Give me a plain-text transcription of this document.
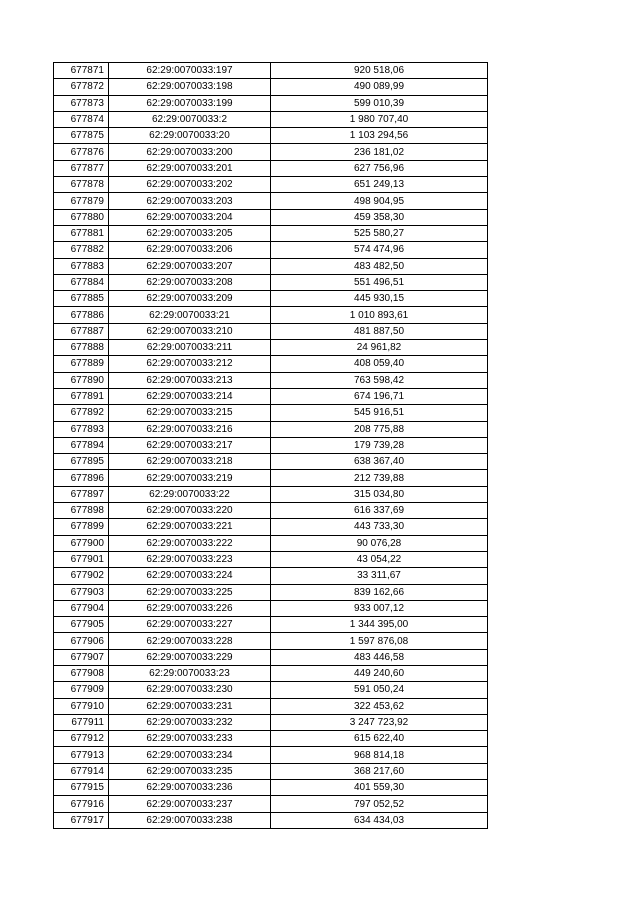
677871	62:29:0070033:197	920 518,06
677872	62:29:0070033:198	490 089,99
677873	62:29:0070033:199	599 010,39
677874	62:29:0070033:2	1 980 707,40
677875	62:29:0070033:20	1 103 294,56
677876	62:29:0070033:200	236 181,02
677877	62:29:0070033:201	627 756,96
677878	62:29:0070033:202	651 249,13
677879	62:29:0070033:203	498 904,95
677880	62:29:0070033:204	459 358,30
677881	62:29:0070033:205	525 580,27
677882	62:29:0070033:206	574 474,96
677883	62:29:0070033:207	483 482,50
677884	62:29:0070033:208	551 496,51
677885	62:29:0070033:209	445 930,15
677886	62:29:0070033:21	1 010 893,61
677887	62:29:0070033:210	481 887,50
677888	62:29:0070033:211	24 961,82
677889	62:29:0070033:212	408 059,40
677890	62:29:0070033:213	763 598,42
677891	62:29:0070033:214	674 196,71
677892	62:29:0070033:215	545 916,51
677893	62:29:0070033:216	208 775,88
677894	62:29:0070033:217	179 739,28
677895	62:29:0070033:218	638 367,40
677896	62:29:0070033:219	212 739,88
677897	62:29:0070033:22	315 034,80
677898	62:29:0070033:220	616 337,69
677899	62:29:0070033:221	443 733,30
677900	62:29:0070033:222	90 076,28
677901	62:29:0070033:223	43 054,22
677902	62:29:0070033:224	33 311,67
677903	62:29:0070033:225	839 162,66
677904	62:29:0070033:226	933 007,12
677905	62:29:0070033:227	1 344 395,00
677906	62:29:0070033:228	1 597 876,08
677907	62:29:0070033:229	483 446,58
677908	62:29:0070033:23	449 240,60
677909	62:29:0070033:230	591 050,24
677910	62:29:0070033:231	322 453,62
677911	62:29:0070033:232	3 247 723,92
677912	62:29:0070033:233	615 622,40
677913	62:29:0070033:234	968 814,18
677914	62:29:0070033:235	368 217,60
677915	62:29:0070033:236	401 559,30
677916	62:29:0070033:237	797 052,52
677917	62:29:0070033:238	634 434,03
